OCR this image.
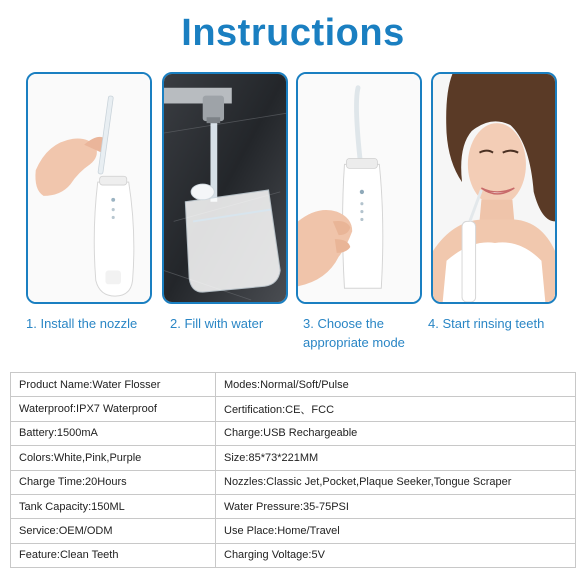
Instructions
1. Install the nozzle	2. Fill with water	3. Choose the appropriate mode
4. Start rinsing teeth
Product Name:Water Flosser	Modes:Normal/Soft/Pulse
Waterproof:IPX7 Waterproof	Certification:CE、FCC
Battery:1500mA	Charge:USB Rechargeable
Colors:White,Pink,Purple	Size:85*73*221MM
Charge Time:20Hours	Nozzles:Classic Jet,Pocket,Plaque Seeker,Tongue Scraper
Tank Capacity:150ML	Water Pressure:35-75PSI
Service:OEM/ODM	Use Place:Home/Travel
Feature:Clean Teeth	Charging Voltage:5V
